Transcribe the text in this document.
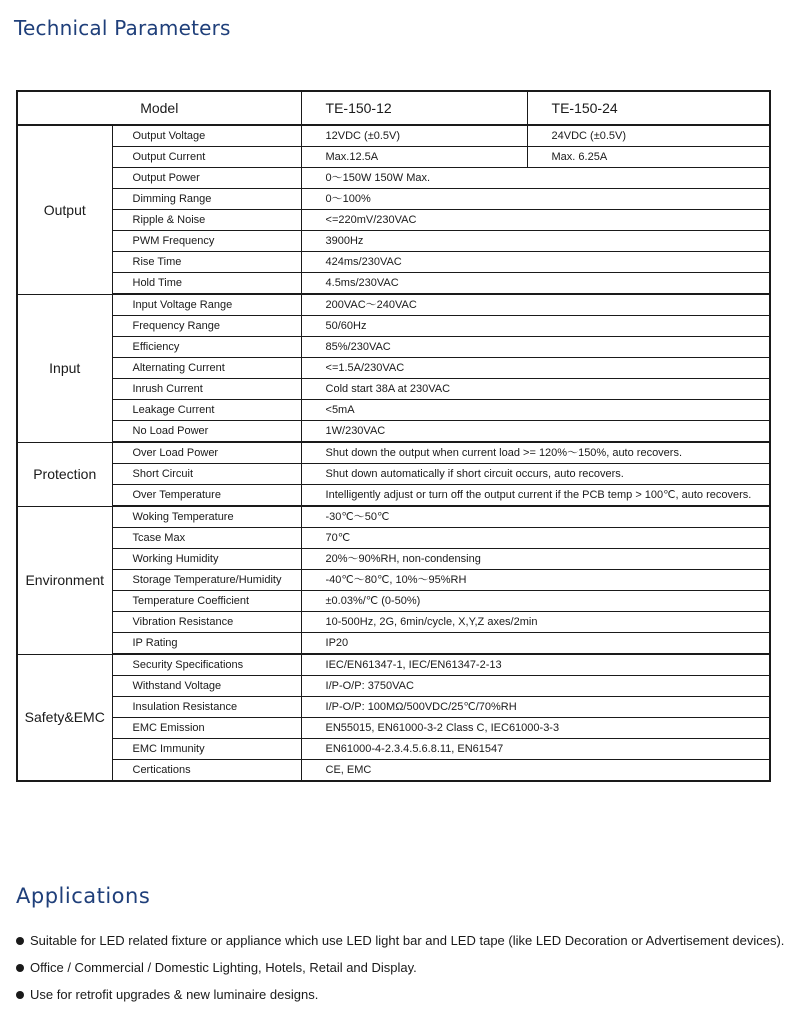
Technical Parameters
Model		TE-150-12	TE-150-24
Output	Output Voltage	12VDC (±0.5V)	24VDC (±0.5V)
	Output Current	Max.12.5A	Max. 6.25A
	Output Power	0～150W 150W Max.	
	Dimming Range	0～100%	
	Ripple & Noise	<=220mV/230VAC	
	PWM Frequency	3900Hz	
	Rise Time	424ms/230VAC	
	Hold Time	4.5ms/230VAC	
Input	Input Voltage Range	200VAC～240VAC	
	Frequency Range	50/60Hz	
	Efficiency	85%/230VAC	
	Alternating Current	<=1.5A/230VAC	
	Inrush Current	Cold start 38A at 230VAC	
	Leakage Current	<5mA	
	No Load Power	1W/230VAC	
Protection	Over Load Power	Shut down the output when current load >= 120%～150%, auto recovers.	
	Short Circuit	Shut down automatically if short circuit occurs, auto recovers.	
	Over Temperature	Intelligently adjust or turn off the output current if the PCB temp > 100℃, auto recovers.	
Environment	Woking Temperature	-30℃～50℃	
	Tcase Max	70℃	
	Working Humidity	20%～90%RH, non-condensing	
	Storage Temperature/Humidity	-40℃～80℃, 10%～95%RH	
	Temperature Coefficient	±0.03%/℃ (0-50%)	
	Vibration Resistance	10-500Hz, 2G, 6min/cycle, X,Y,Z axes/2min	
	IP Rating	IP20	
Safety&EMC	Security Specifications	IEC/EN61347-1, IEC/EN61347-2-13	
	Withstand Voltage	I/P-O/P: 3750VAC	
	Insulation Resistance	I/P-O/P: 100MΩ/500VDC/25℃/70%RH	
	EMC Emission	EN55015, EN61000-3-2 Class C, IEC61000-3-3	
	EMC Immunity	EN61000-4-2.3.4.5.6.8.11, EN61547	
	Certications	CE, EMC	
Applications
Suitable for LED related fixture or appliance which use LED light bar and LED tape (like LED Decoration or Advertisement devices).
Office / Commercial / Domestic Lighting, Hotels, Retail and Display.
Use for retrofit upgrades & new luminaire designs.
